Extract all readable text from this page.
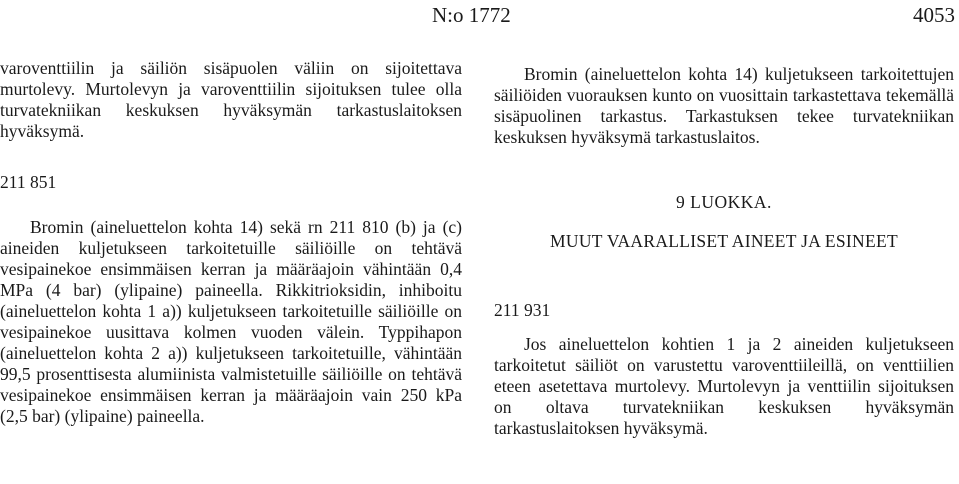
N:o 1772	4053

varoventtiilin ja säiliön sisäpuolen väliin on sijoitettava murtolevy. Murtolevyn ja varoventtiilin sijoituksen tulee olla turvatekniikan keskuksen hyväksymän tarkastuslaitoksen hyväksymä.

211 851

Bromin (aineluettelon kohta 14) sekä rn 211 810 (b) ja (c) aineiden kuljetukseen tarkoitetuille säiliöille on tehtävä vesipainekoe ensimmäisen kerran ja määräajoin vähintään 0,4 MPa (4 bar) (ylipaine) paineella. Rikkitrioksidin, inhiboitu (aineluettelon kohta 1 a)) kuljetukseen tarkoitetuille säiliöille on vesipainekoe uusittava kolmen vuoden välein. Typpihapon (aineluettelon kohta 2 a)) kuljetukseen tarkoitetuille, vähintään 99,5 prosenttisesta alumiinista valmistetuille säiliöille on tehtävä vesipainekoe ensimmäisen kerran ja määräajoin vain 250 kPa (2,5 bar) (ylipaine) paineella.

Bromin (aineluettelon kohta 14) kuljetukseen tarkoitettujen säiliöiden vuorauksen kunto on vuosittain tarkastettava tekemällä sisäpuolinen tarkastus. Tarkastuksen tekee turvatekniikan keskuksen hyväksymä tarkastuslaitos.

9 LUOKKA.

MUUT VAARALLISET AINEET JA ESINEET

211 931

Jos aineluettelon kohtien 1 ja 2 aineiden kuljetukseen tarkoitetut säiliöt on varustettu varoventtiileillä, on venttiilien eteen asetettava murtolevy. Murtolevyn ja venttiilin sijoituksen on oltava turvatekniikan keskuksen hyväksymän tarkastuslaitoksen hyväksymä.
